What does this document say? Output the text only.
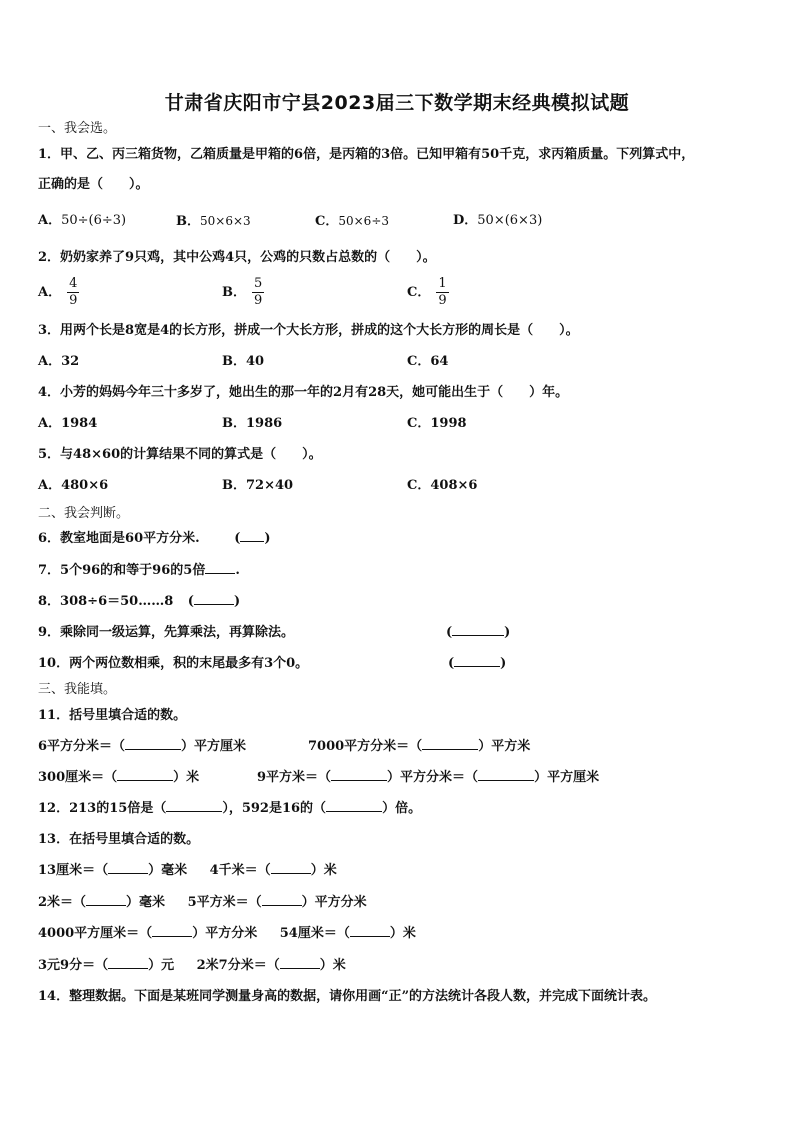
甘肃省庆阳市宁县2023届三下数学期末经典模拟试题
一、我会选。
1．甲、乙、丙三箱货物，乙箱质量是甲箱的6倍，是丙箱的3倍。已知甲箱有50千克，求丙箱质量。下列算式中，
正确的是（　　）。
A．50÷(6÷3)	B．50×6×3	C．50×6÷3	D．50×(6×3)
2．奶奶家养了9只鸡，其中公鸡4只，公鸡的只数占总数的（　　）。
A． $\frac{4}{9}$	B． $\frac{5}{9}$	C． $\frac{1}{9}$
3．用两个长是8宽是4的长方形，拼成一个大长方形，拼成的这个大长方形的周长是（　　）。
A．32	B．40	C．64
4．小芳的妈妈今年三十多岁了，她出生的那一年的2月有28天，她可能出生于（　　）年。
A．1984	B．1986	C．1998
5．与48×60的计算结果不同的算式是（　　）。
A．480×6	B．72×40	C．408×6
二、我会判断。
6．教室地面是60平方分米.	( )
7．5个96的和等于96的5倍 .
8．308÷6＝50……8 (	)
9．乘除同一级运算，先算乘法，再算除法。	(	)
10．两个两位数相乘，积的末尾最多有3个0。	(	)
三、我能填。
11．括号里填合适的数。
6平方分米＝（	）平方厘米	7000平方分米＝（	）平方米
300厘米＝（	）米	9平方米＝（	）平方分米＝（	）平方厘米
12．213的15倍是（	），592是16的（	）倍。
13．在括号里填合适的数。
13厘米＝（	）毫米 4千米＝（	）米
2米＝（	）毫米 5平方米＝（	）平方分米
4000平方厘米＝（	）平方分米 54厘米＝（	）米
3元9分＝（	）元 2米7分米＝（	）米
14．整理数据。下面是某班同学测量身高的数据，请你用画“正”的方法统计各段人数，并完成下面统计表。
